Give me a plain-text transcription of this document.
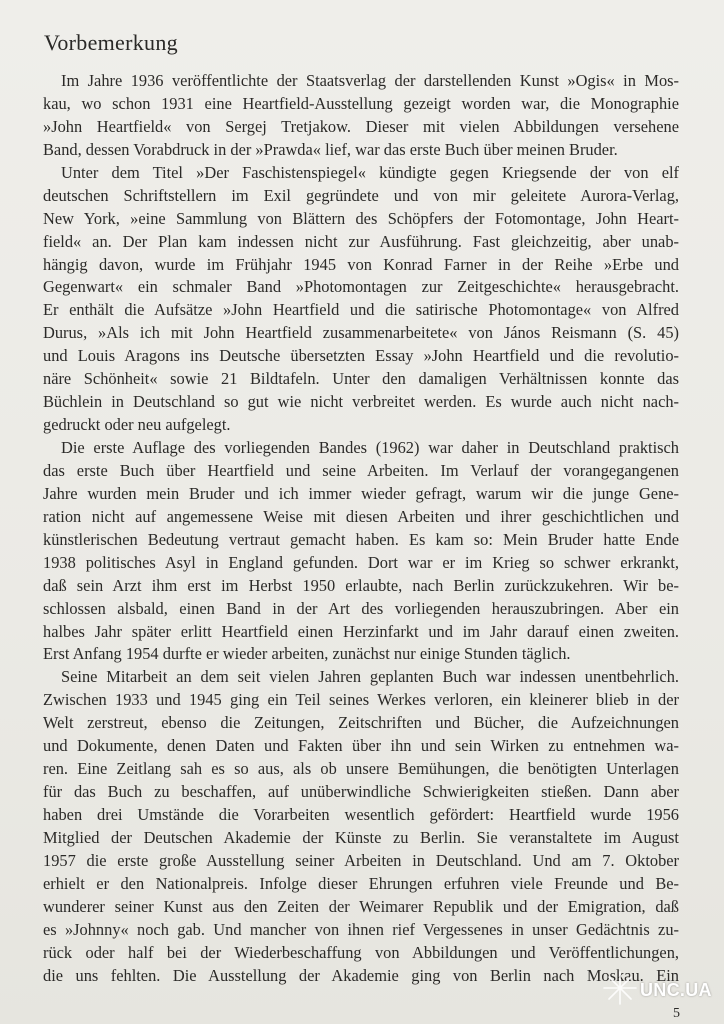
Vorbemerkung
Im Jahre 1936 veröffentlichte der Staatsverlag der darstellenden Kunst »Ogis« in Mos-
kau, wo schon 1931 eine Heartfield-Ausstellung gezeigt worden war, die Monographie
»John Heartfield« von Sergej Tretjakow. Dieser mit vielen Abbildungen versehene
Band, dessen Vorabdruck in der »Prawda« lief, war das erste Buch über meinen Bruder.
Unter dem Titel »Der Faschistenspiegel« kündigte gegen Kriegsende der von elf
deutschen Schriftstellern im Exil gegründete und von mir geleitete Aurora-Verlag,
New York, »eine Sammlung von Blättern des Schöpfers der Fotomontage, John Heart-
field« an. Der Plan kam indessen nicht zur Ausführung. Fast gleichzeitig, aber unab-
hängig davon, wurde im Frühjahr 1945 von Konrad Farner in der Reihe »Erbe und
Gegenwart« ein schmaler Band »Photomontagen zur Zeitgeschichte« herausgebracht.
Er enthält die Aufsätze »John Heartfield und die satirische Photomontage« von Alfred
Durus, »Als ich mit John Heartfield zusammenarbeitete« von János Reismann (S. 45)
und Louis Aragons ins Deutsche übersetzten Essay »John Heartfield und die revolutio-
näre Schönheit« sowie 21 Bildtafeln. Unter den damaligen Verhältnissen konnte das
Büchlein in Deutschland so gut wie nicht verbreitet werden. Es wurde auch nicht nach-
gedruckt oder neu aufgelegt.
Die erste Auflage des vorliegenden Bandes (1962) war daher in Deutschland praktisch
das erste Buch über Heartfield und seine Arbeiten. Im Verlauf der vorangegangenen
Jahre wurden mein Bruder und ich immer wieder gefragt, warum wir die junge Gene-
ration nicht auf angemessene Weise mit diesen Arbeiten und ihrer geschichtlichen und
künstlerischen Bedeutung vertraut gemacht haben. Es kam so: Mein Bruder hatte Ende
1938 politisches Asyl in England gefunden. Dort war er im Krieg so schwer erkrankt,
daß sein Arzt ihm erst im Herbst 1950 erlaubte, nach Berlin zurückzukehren. Wir be-
schlossen alsbald, einen Band in der Art des vorliegenden herauszubringen. Aber ein
halbes Jahr später erlitt Heartfield einen Herzinfarkt und im Jahr darauf einen zweiten.
Erst Anfang 1954 durfte er wieder arbeiten, zunächst nur einige Stunden täglich.
Seine Mitarbeit an dem seit vielen Jahren geplanten Buch war indessen unentbehrlich.
Zwischen 1933 und 1945 ging ein Teil seines Werkes verloren, ein kleinerer blieb in der
Welt zerstreut, ebenso die Zeitungen, Zeitschriften und Bücher, die Aufzeichnungen
und Dokumente, denen Daten und Fakten über ihn und sein Wirken zu entnehmen wa-
ren. Eine Zeitlang sah es so aus, als ob unsere Bemühungen, die benötigten Unterlagen
für das Buch zu beschaffen, auf unüberwindliche Schwierigkeiten stießen. Dann aber
haben drei Umstände die Vorarbeiten wesentlich gefördert: Heartfield wurde 1956
Mitglied der Deutschen Akademie der Künste zu Berlin. Sie veranstaltete im August
1957 die erste große Ausstellung seiner Arbeiten in Deutschland. Und am 7. Oktober
erhielt er den Nationalpreis. Infolge dieser Ehrungen erfuhren viele Freunde und Be-
wunderer seiner Kunst aus den Zeiten der Weimarer Republik und der Emigration, daß
es »Johnny« noch gab. Und mancher von ihnen rief Vergessenes in unser Gedächtnis zu-
rück oder half bei der Wiederbeschaffung von Abbildungen und Veröffentlichungen,
die uns fehlten. Die Ausstellung der Akademie ging von Berlin nach Moskau. Ein
UNC.UA
5
